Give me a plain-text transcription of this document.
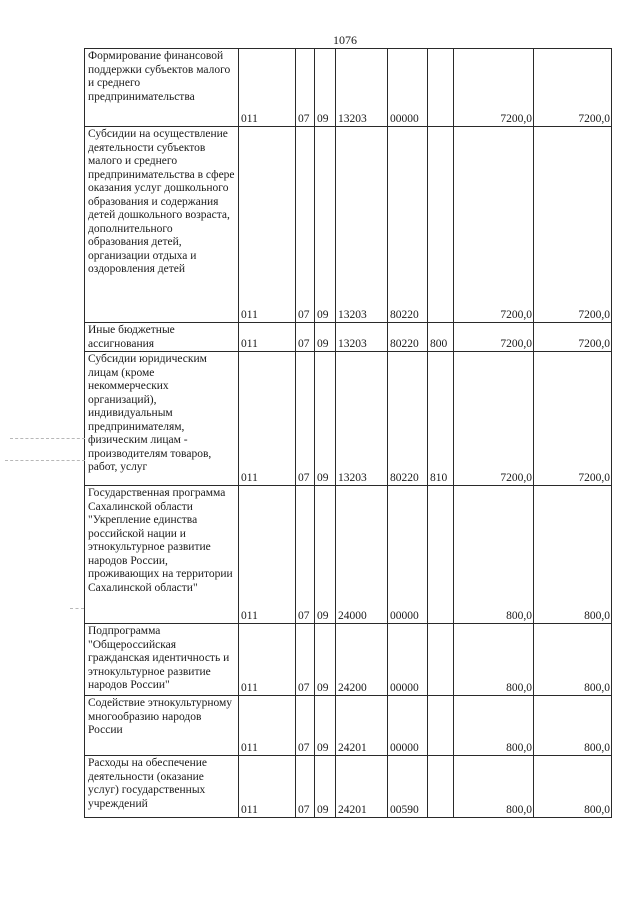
1076
Формирование финансовой поддержки субъектов малого и среднего предпринимательства	011	07	09	13203	00000		7200,0	7200,0
Субсидии на осуществление деятельности субъектов малого и среднего предпринимательства в сфере оказания услуг дошкольного образования и содержания детей дошкольного возраста, дополнительного образования детей, организации отдыха и оздоровления детей	011	07	09	13203	80220		7200,0	7200,0
Иные бюджетные ассигнования	011	07	09	13203	80220	800	7200,0	7200,0
Субсидии юридическим лицам (кроме некоммерческих организаций), индивидуальным предпринимателям, физическим лицам - производителям товаров, работ, услуг	011	07	09	13203	80220	810	7200,0	7200,0
Государственная программа Сахалинской области "Укрепление единства российской нации и этнокультурное развитие народов России, проживающих на территории Сахалинской области"	011	07	09	24000	00000		800,0	800,0
Подпрограмма "Общероссийская гражданская идентичность и этнокультурное развитие народов России"	011	07	09	24200	00000		800,0	800,0
Содействие этнокультурному многообразию народов России	011	07	09	24201	00000		800,0	800,0
Расходы на обеспечение деятельности (оказание услуг) государственных учреждений	011	07	09	24201	00590		800,0	800,0
